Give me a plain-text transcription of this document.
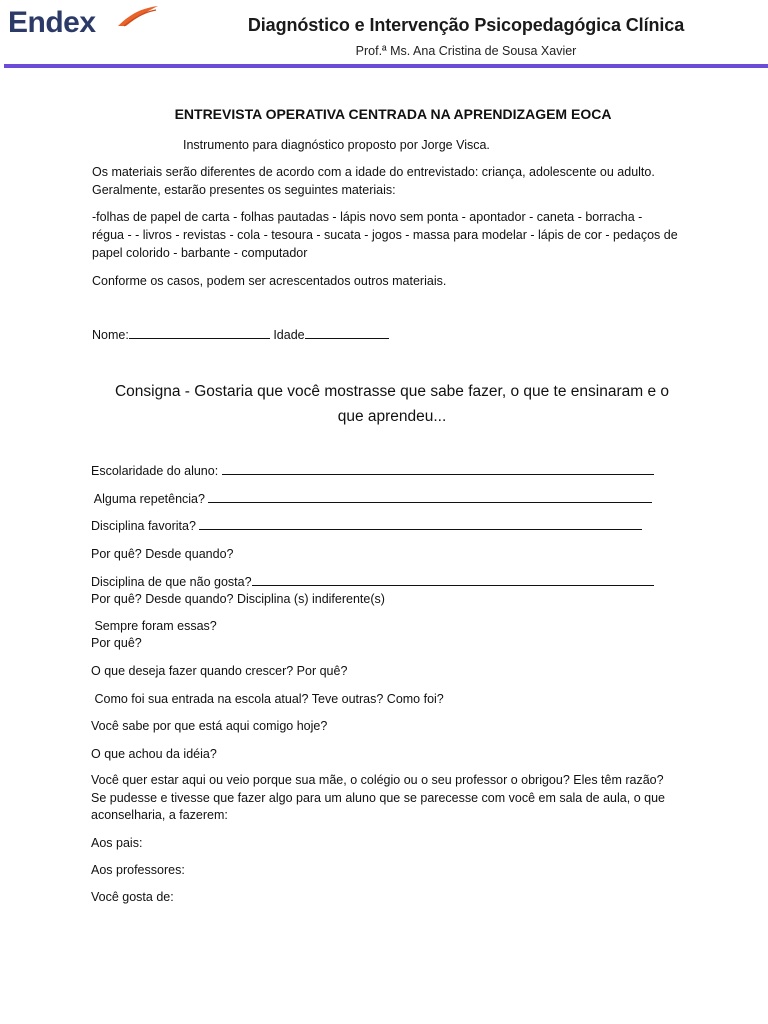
Endex	Diagnóstico e Intervenção Psicopedagógica Clínica
Prof.ª Ms. Ana Cristina de Sousa Xavier
ENTREVISTA OPERATIVA CENTRADA NA APRENDIZAGEM EOCA
Instrumento para diagnóstico proposto por Jorge Visca.
Os materiais serão diferentes de acordo com a idade do entrevistado: criança, adolescente ou adulto.
Geralmente, estarão presentes os seguintes materiais:
-folhas de papel de carta - folhas pautadas - lápis novo sem ponta - apontador - caneta - borracha -
régua - - livros - revistas - cola - tesoura - sucata - jogos - massa para modelar - lápis de cor - pedaços de
papel colorido - barbante - computador
Conforme os casos, podem ser acrescentados outros materiais.
Nome:	Idade
Consigna - Gostaria que você mostrasse que sabe fazer, o que te ensinaram e o
que aprendeu...
Escolaridade do aluno:
Alguma repetência?
Disciplina favorita?
Por quê? Desde quando?
Disciplina de que não gosta?
Por quê? Desde quando? Disciplina (s) indiferente(s)
Sempre foram essas?
Por quê?
O que deseja fazer quando crescer? Por quê?
Como foi sua entrada na escola atual? Teve outras? Como foi?
Você sabe por que está aqui comigo hoje?
O que achou da idéia?
Você quer estar aqui ou veio porque sua mãe, o colégio ou o seu professor o obrigou? Eles têm razão?
Se pudesse e tivesse que fazer algo para um aluno que se parecesse com você em sala de aula, o que
aconselharia, a fazerem:
Aos pais:
Aos professores:
Você gosta de:
